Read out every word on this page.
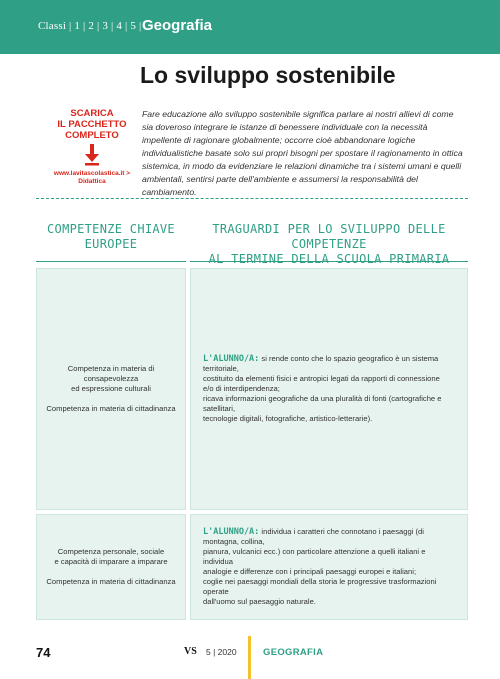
Classi | 1 | 2 | 3 | 4 | 5 | Geografia
Lo sviluppo sostenibile
SCARICA
IL PACCHETTO
COMPLETO
www.lavitascolastica.it >
Didattica
Fare educazione allo sviluppo sostenibile significa parlare ai nostri allievi di come sia doveroso integrare le istanze di benessere individuale con la necessità impellente di ragionare globalmente; occorre cioè abbandonare logiche individualistiche basate solo sui propri bisogni per spostare il ragionamento in ottica sistemica, in modo da evidenziare le relazioni dinamiche tra i sistemi umani e quelli ambientali, sentirsi parte dell'ambiente e assumersi la responsabilità del cambiamento.
COMPETENZE CHIAVE
EUROPEE
TRAGUARDI PER LO SVILUPPO DELLE COMPETENZE
AL TERMINE DELLA SCUOLA PRIMARIA

Competenza in materia di consapevolezza

ed espressione culturali

Competenza in materia di cittadinanza

L'ALUNNO/A: si rende conto che lo spazio geografico è un sistema territoriale,

costituito da elementi fisici e antropici legati da rapporti di connessione

e/o di interdipendenza;

ricava informazioni geografiche da una pluralità di fonti (cartografiche e satellitari,

tecnologie digitali, fotografiche, artistico-letterarie).

Competenza personale, sociale

e capacità di imparare a imparare

Competenza in materia di cittadinanza

L'ALUNNO/A: individua i caratteri che connotano i paesaggi (di montagna, collina,

pianura, vulcanici ecc.) con particolare attenzione a quelli italiani e individua

analogie e differenze con i principali paesaggi europei e italiani;

coglie nei paesaggi mondiali della storia le progressive trasformazioni operate

dall'uomo sul paesaggio naturale.

74	VS 5 | 2020	GEOGRAFIA
